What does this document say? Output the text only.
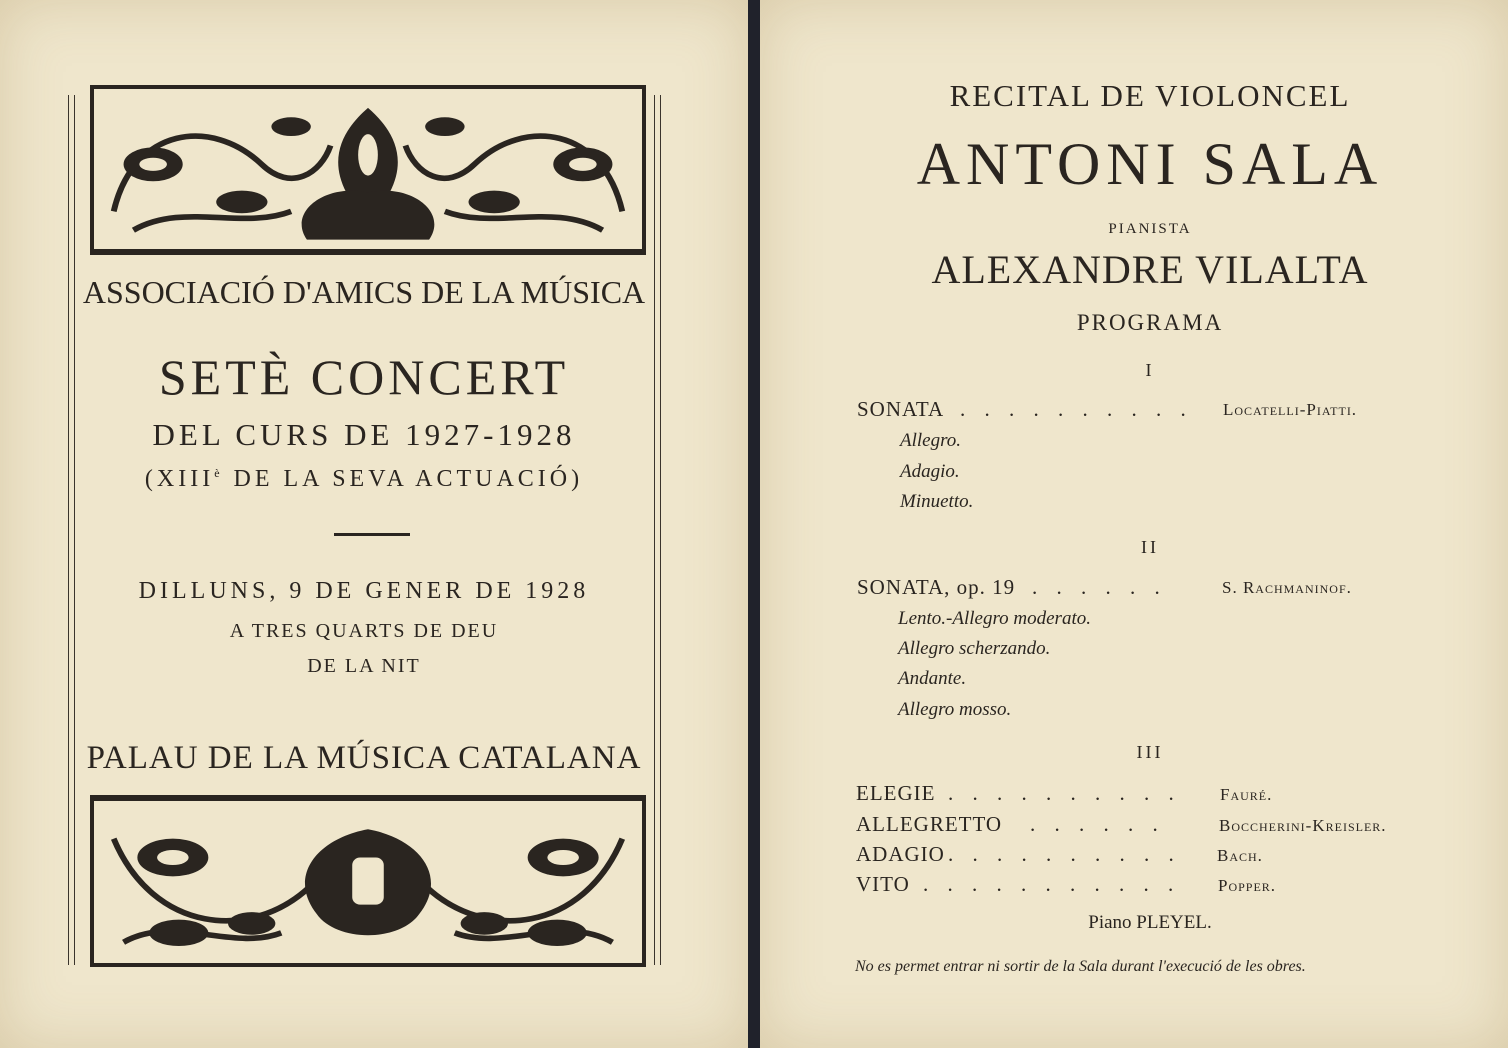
ASSOCIACIÓ D'AMICS DE LA MÚSICA
SETÈ CONCERT
DEL CURS DE 1927-1928
($XIII^è$ DE LA SEVA ACTUACIÓ)
DILLUNS, 9 DE GENER DE 1928
A TRES QUARTS DE DEU
DE LA NIT
PALAU DE LA MÚSICA CATALANA
RECITAL DE VIOLONCEL
ANTONI SALA
PIANISTA
ALEXANDRE VILALTA
PROGRAMA
I
SONATA . . . . . . . . . . Locatelli-Piatti.
Allegro.
Adagio.
Minuetto.
II
SONATA, op. 19 . . . . . .	S. Rachmaninof.
Lento.-Allegro moderato.
Allegro scherzando.
Andante.
Allegro mosso.
III
ELEGIE . . . . . . . . . . Fauré.
ALLEGRETTO . . . . . .	Boccherini-Kreisler.
ADAGIO . . . . . . . . . . Bach.
VITO . . . . . . . . . . . Popper.
Piano PLEYEL.
No es permet entrar ni sortir de la Sala durant l'execució de les obres.
